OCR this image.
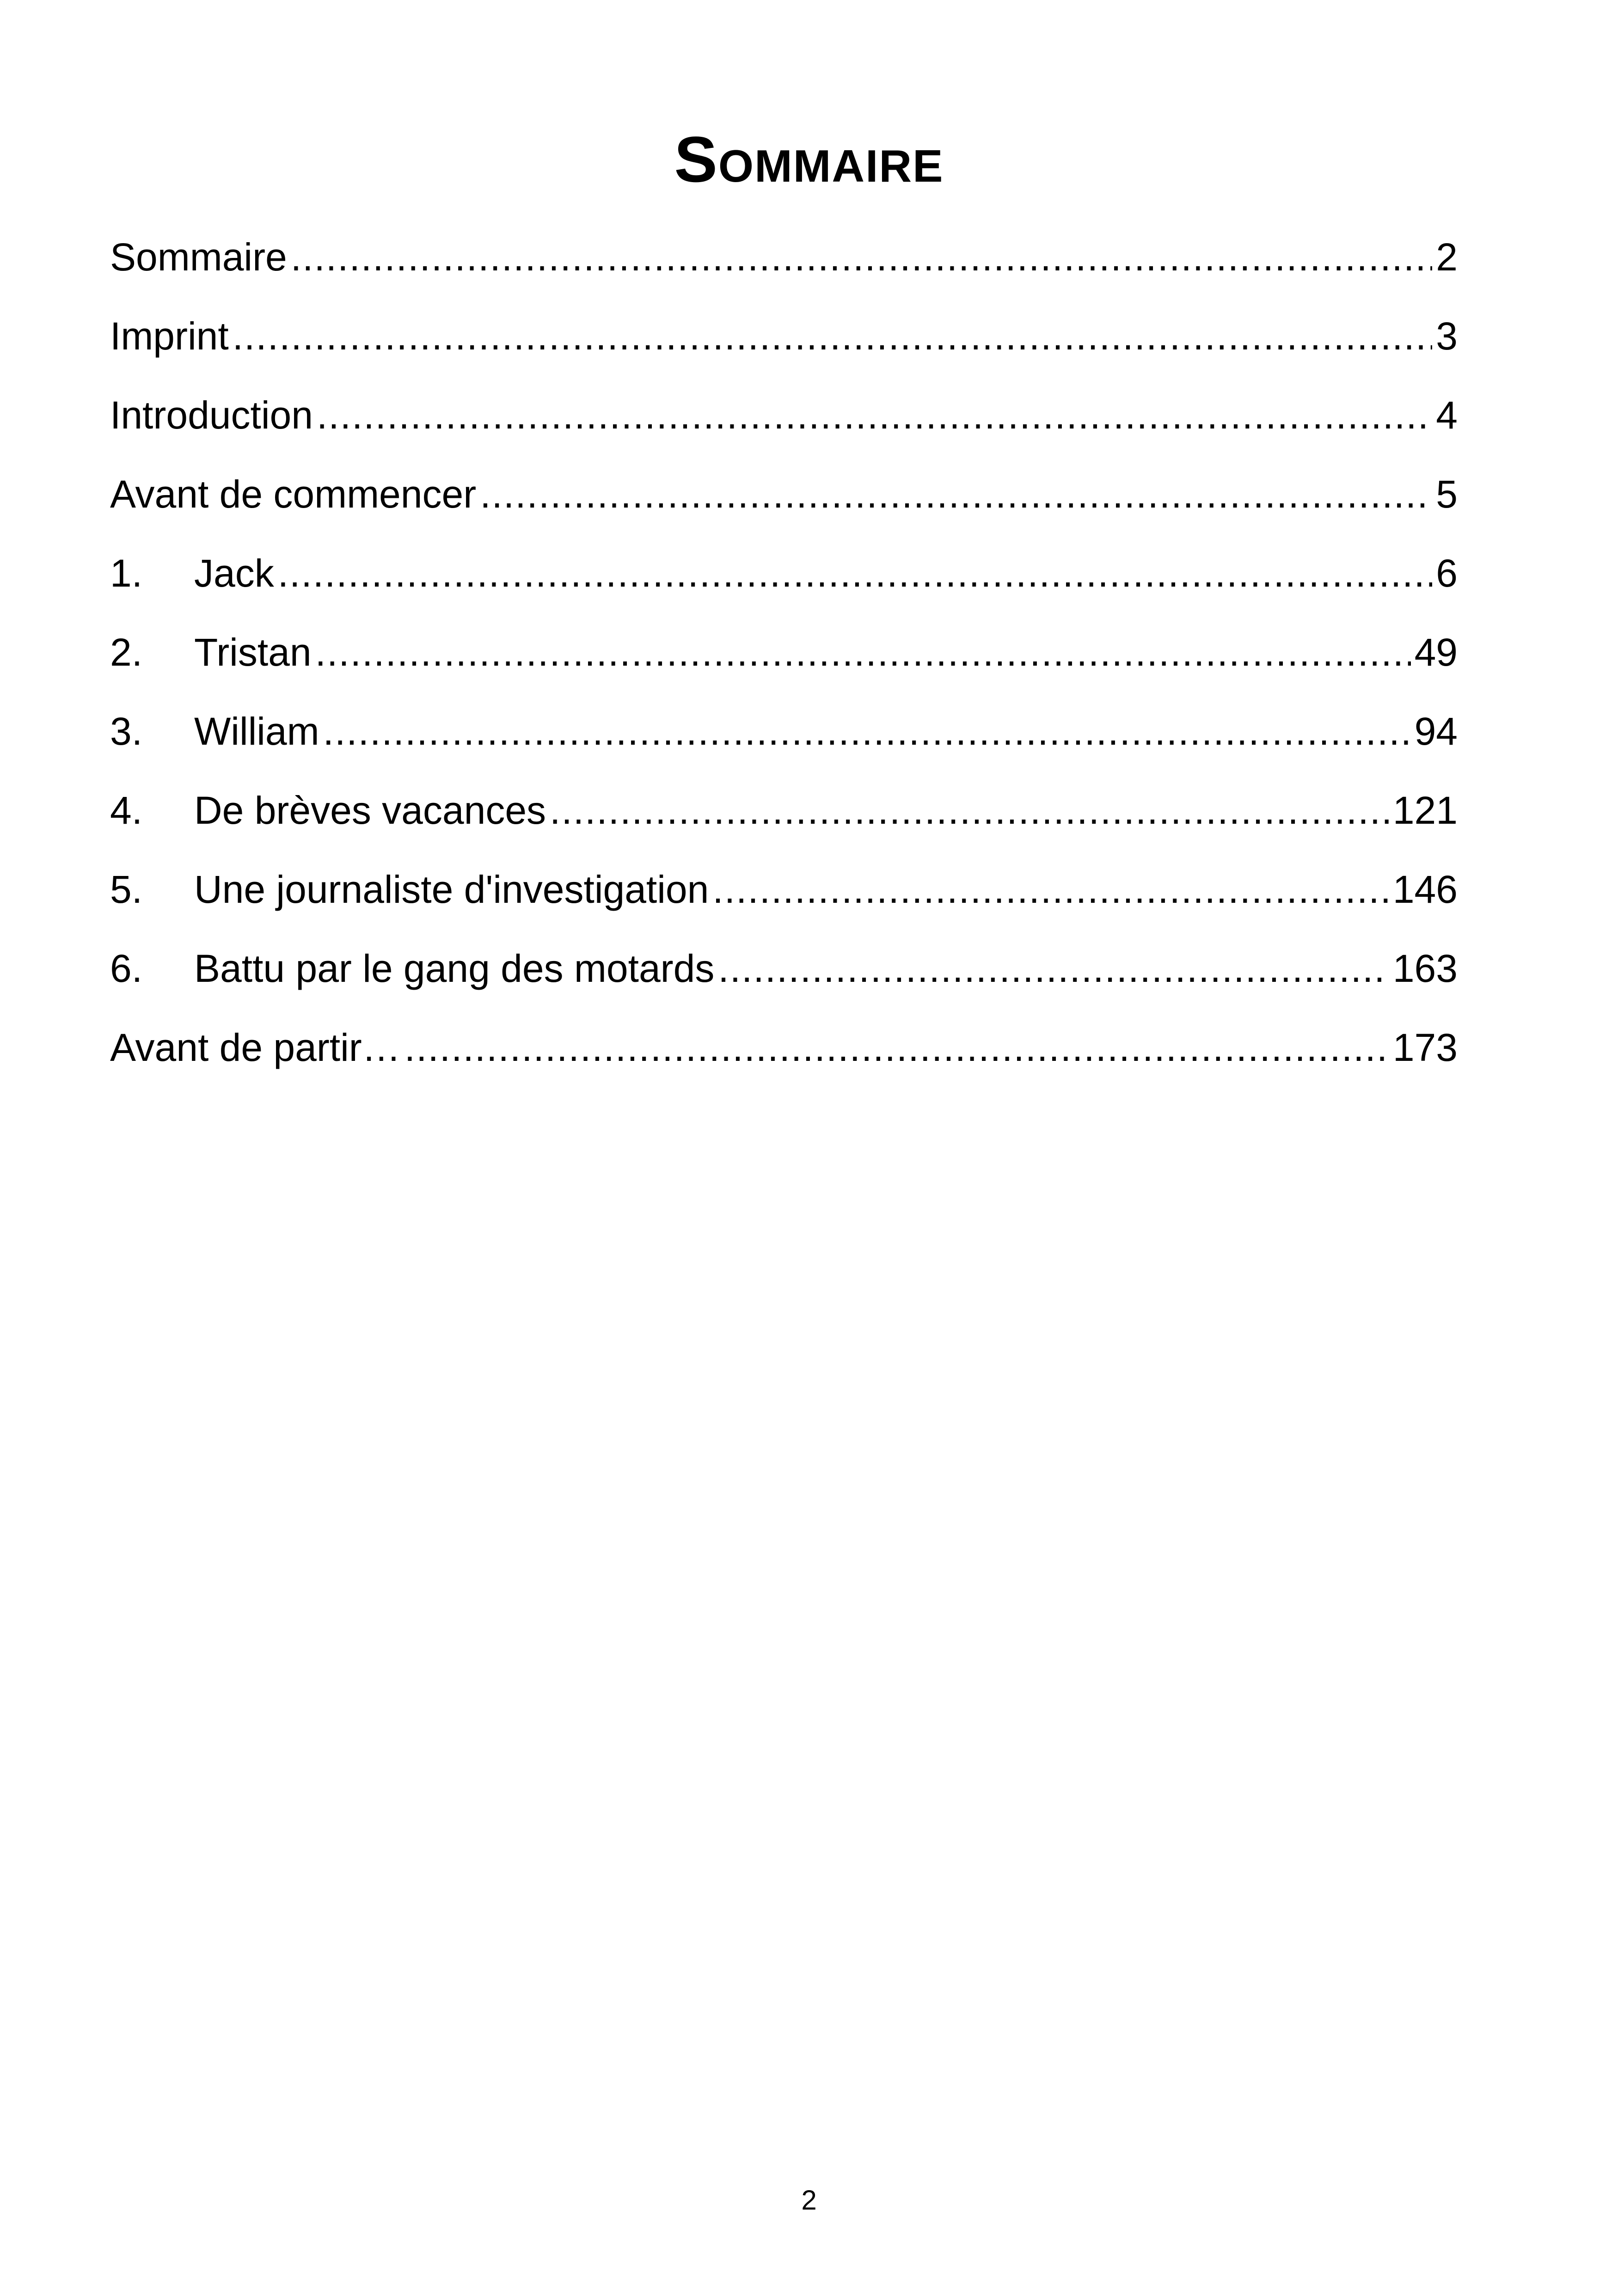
Sommaire
Sommaire .....	2
Imprint .....	3
Introduction .....	4
Avant de commencer .....	5
1.	Jack .....	6
2.	Tristan .....	49
3.	William .....	94
4.	De brèves vacances .....	121
5.	Une journaliste d'investigation .....	146
6.	Battu par le gang des motards .....	163
Avant de partir… .....	173
2
